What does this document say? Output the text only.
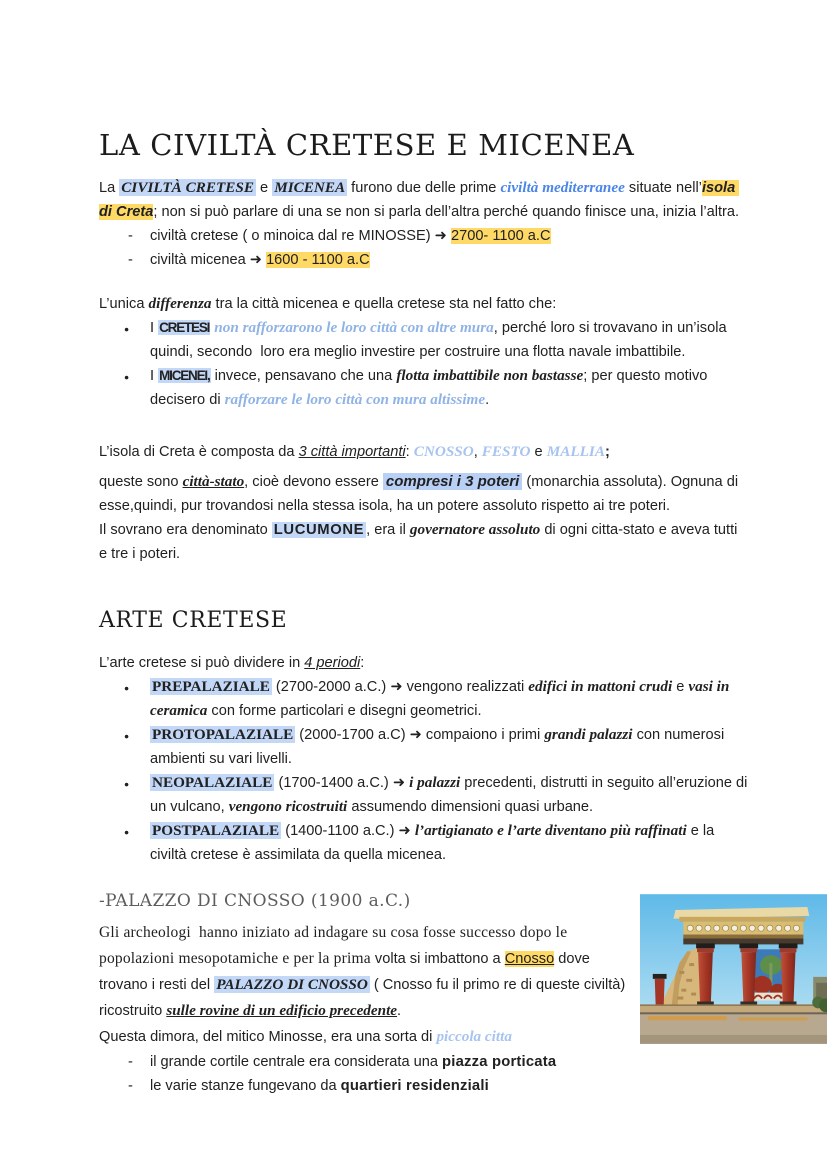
LA CIVILTÀ CRETESE E MICENEA
La CIVILTÀ CRETESE e MICENEA furono due delle prime civiltà mediterranee situate nell’isola di Creta; non si può parlare di una se non si parla dell’altra perché quando finisce una, inizia l’altra.
- civiltà cretese ( o minoica dal re MINOSSE) ➜ 2700- 1100 a.C
- civiltà micenea ➜ 1600 - 1100 a.C
L’unica differenza tra la città micenea e quella cretese sta nel fatto che:
● I CRETESI non rafforzarono le loro città con altre mura, perché loro si trovavano in un’isola quindi, secondo  loro era meglio investire per costruire una flotta navale imbattibile.
● I MICENEI, invece, pensavano che una flotta imbattibile non bastasse; per questo motivo decisero di rafforzare le loro città con mura altissime.
L’isola di Creta è composta da 3 città importanti: CNOSSO, FESTO e MALLIA;
queste sono città-stato, cioè devono essere compresi i 3 poteri (monarchia assoluta). Ognuna di esse,quindi, pur trovandosi nella stessa isola, ha un potere assoluto rispetto ai tre poteri.
Il sovrano era denominato LUCUMONE , era il governatore assoluto di ogni citta-stato e aveva tutti e tre i poteri.
ARTE CRETESE
L’arte cretese si può dividere in 4 periodi:
● PREPALAZIALE (2700-2000 a.C.) ➜ vengono realizzati edifici in mattoni crudi e vasi in ceramica con forme particolari e disegni geometrici.
● PROTOPALAZIALE (2000-1700 a.C) ➜ compaiono i primi grandi palazzi con numerosi ambienti su vari livelli.
● NEOPALAZIALE (1700-1400 a.C.) ➜ i palazzi precedenti, distrutti in seguito all’eruzione di un vulcano, vengono ricostruiti assumendo dimensioni quasi urbane.
● POSTPALAZIALE (1400-1100 a.C.) ➜ l’artigianato e l’arte diventano più raffinati e la civiltà cretese è assimilata da quella micenea.
-PALAZZO DI CNOSSO (1900 a.C.)
Gli archeologi  hanno iniziato ad indagare su cosa fosse successo dopo le popolazioni mesopotamiche e per la prima volta si imbattono a Cnosso dove trovano i resti del PALAZZO DI CNOSSO ( Cnosso fu il primo re di queste civiltà) ricostruito sulle rovine di un edificio precedente.
Questa dimora, del mitico Minosse, era una sorta di piccola citta
- il grande cortile centrale era considerata una piazza porticata
- le varie stanze fungevano da quartieri residenziali
